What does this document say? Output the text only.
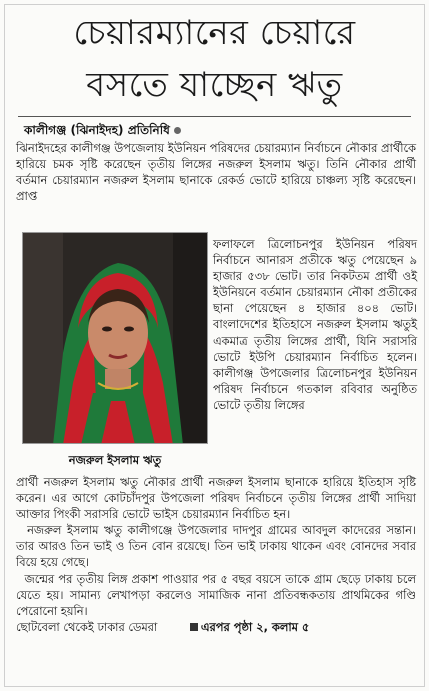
চেয়ারম্যানের চেয়ারে
বসতে যাচ্ছেন ঋতু
কালীগঞ্জ (ঝিনাইদহ) প্রতিনিধি
ঝিনাইদহের কালীগঞ্জ উপজেলায় ইউনিয়ন পরিষদের চেয়ারম্যান নির্বাচনে নৌকার প্রার্থীকে হারিয়ে চমক সৃষ্টি করেছেন তৃতীয় লিঙ্গের নজরুল ইসলাম ঋতু। তিনি নৌকার প্রার্থী বর্তমান চেয়ারম্যান নজরুল ইসলাম ছানাকে রেকর্ড ভোটে হারিয়ে চাঞ্চল্য সৃষ্টি করেছেন। প্রাপ্ত
নজরুল ইসলাম ঋতু
ফলাফলে ত্রিলোচনপুর ইউনিয়ন পরিষদ নির্বাচনে আনারস প্রতীকে ঋতু পেয়েছেন ৯ হাজার ৫৩৮ ভোট। তার নিকটতম প্রার্থী ওই ইউনিয়নে বর্তমান চেয়ারম্যান নৌকা প্রতীকের ছানা পেয়েছেন ৪ হাজার ৪০৪ ভোট। বাংলাদেশের ইতিহাসে নজরুল ইসলাম ঋতুই একমাত্র তৃতীয় লিঙ্গের প্রার্থী, যিনি সরাসরি ভোটে ইউপি চেয়ারম্যান নির্বাচিত হলেন। কালীগঞ্জ উপজেলার ত্রিলোচনপুর ইউনিয়ন পরিষদ নির্বাচনে গতকাল রবিবার অনুষ্ঠিত ভোটে তৃতীয় লিঙ্গের
প্রার্থী নজরুল ইসলাম ঋতু নৌকার প্রার্থী নজরুল ইসলাম ছানাকে হারিয়ে ইতিহাস সৃষ্টি করেন। এর আগে কোটচাঁদপুর উপজেলা পরিষদ নির্বাচনে তৃতীয় লিঙ্গের প্রার্থী সাদিয়া আক্তার পিংকী সরাসরি ভোটে ভাইস চেয়ারম্যান নির্বাচিত হন।
নজরুল ইসলাম ঋতু কালীগঞ্জে উপজেলার দাদপুর গ্রামের আবদুল কাদেরের সন্তান। তার আরও তিন ভাই ও তিন বোন রয়েছে। তিন ভাই ঢাকায় থাকেন এবং বোনদের সবার বিয়ে হয়ে গেছে।
জন্মের পর তৃতীয় লিঙ্গ প্রকাশ পাওয়ার পর ৫ বছর বয়সে তাকে গ্রাম ছেড়ে ঢাকায় চলে যেতে হয়। সামান্য লেখাপড়া করলেও সামাজিক নানা প্রতিবন্ধকতায় প্রাথমিকের গণ্ডি পেরোনো হয়নি।
ছোটবেলা থেকেই ঢাকার ডেমরা	এরপর পৃষ্ঠা ২, কলাম ৫
